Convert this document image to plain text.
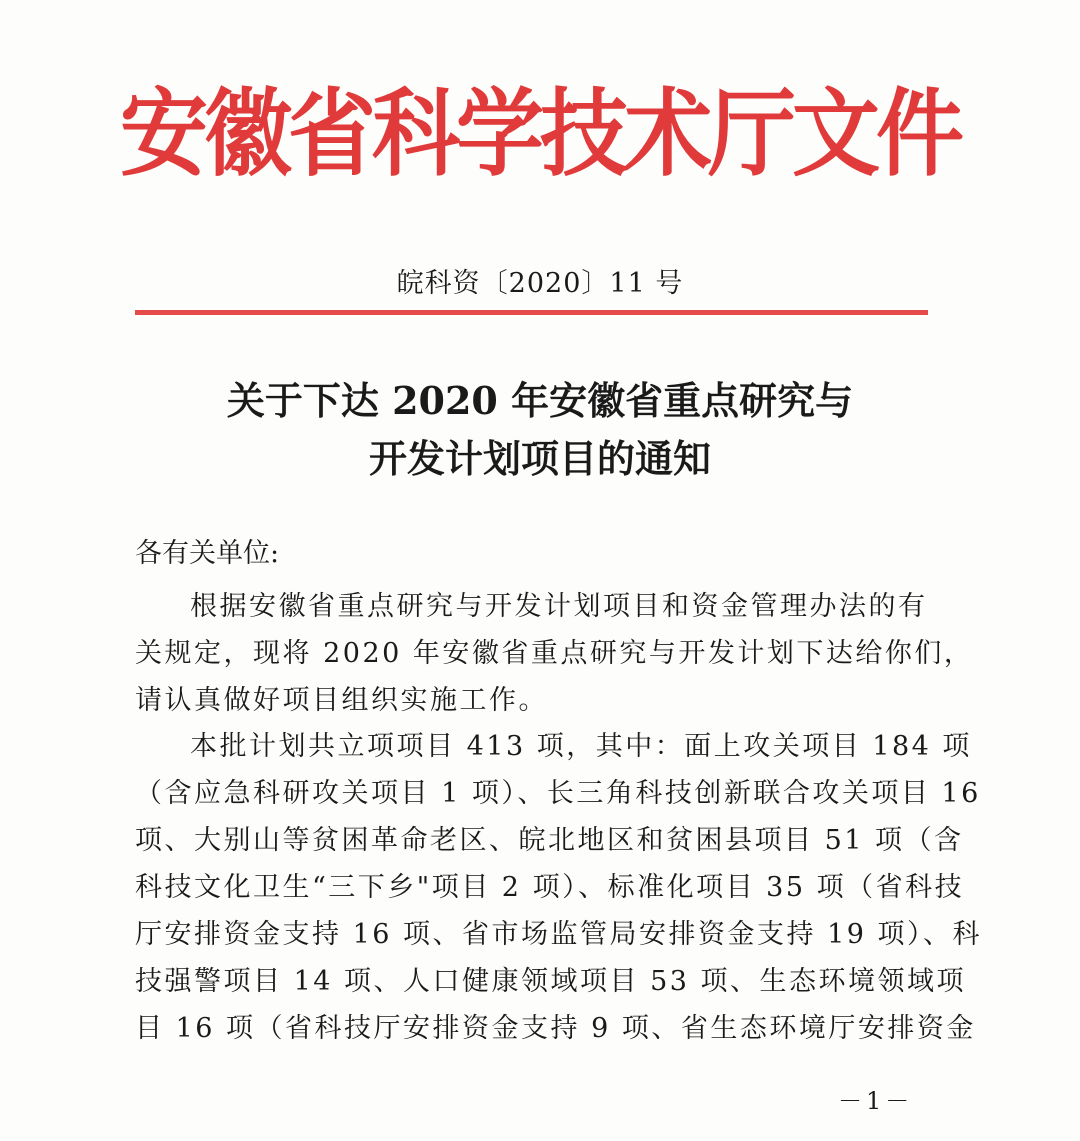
安徽省科学技术厅文件
皖科资〔2020〕11 号
关于下达 2020 年安徽省重点研究与
开发计划项目的通知
各有关单位:
根据安徽省重点研究与开发计划项目和资金管理办法的有
关规定，现将 2020 年安徽省重点研究与开发计划下达给你们，
请认真做好项目组织实施工作。
本批计划共立项项目 413 项，其中：面上攻关项目 184 项
（含应急科研攻关项目 1 项）、长三角科技创新联合攻关项目 16
项、大别山等贫困革命老区、皖北地区和贫困县项目 51 项（含
科技文化卫生“三下乡"项目 2 项）、标准化项目 35 项（省科技
厅安排资金支持 16 项、省市场监管局安排资金支持 19 项）、科
技强警项目 14 项、人口健康领域项目 53 项、生态环境领域项
目 16 项（省科技厅安排资金支持 9 项、省生态环境厅安排资金
－1－
